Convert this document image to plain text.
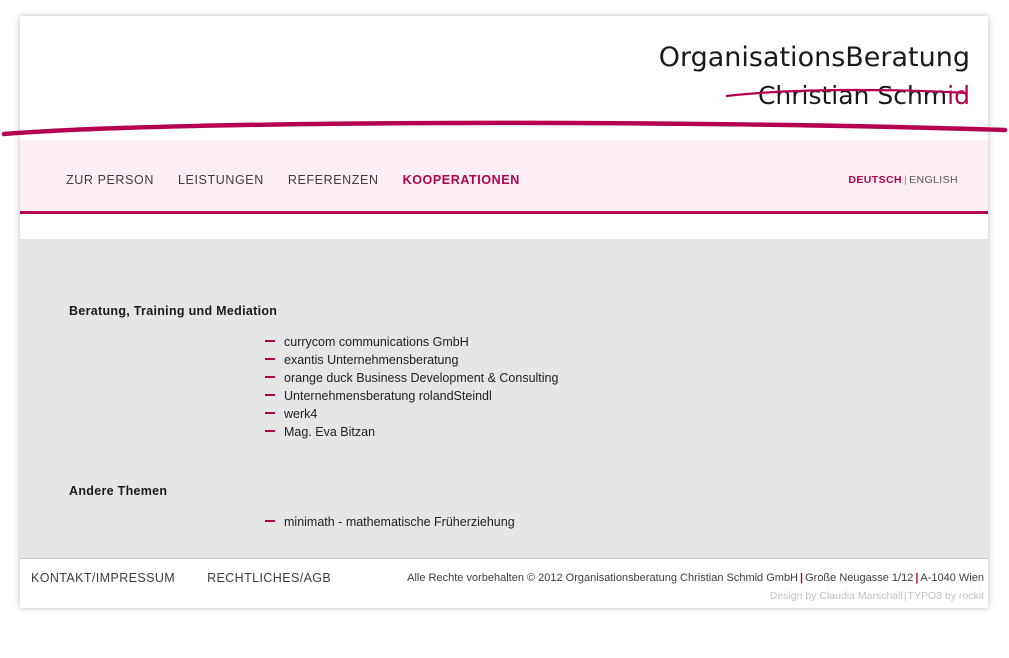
OrganisationsBeratung
Christian Schmid
ZUR PERSON LEISTUNGEN REFERENZEN KOOPERATIONEN	DEUTSCH | ENGLISH
Beratung, Training und Mediation
currycom communications GmbH
exantis Unternehmensberatung
orange duck Business Development & Consulting
Unternehmensberatung rolandSteindl
werk4
Mag. Eva Bitzan
Andere Themen
minimath - mathematische Früherziehung
KONTAKT/IMPRESSUM	RECHTLICHES/AGB	Alle Rechte vorbehalten © 2012 Organisationsberatung Christian Schmid GmbH | Große Neugasse 1/12 | A-1040 Wien
Design by Claudia Marschall|TYPO3 by rockit
